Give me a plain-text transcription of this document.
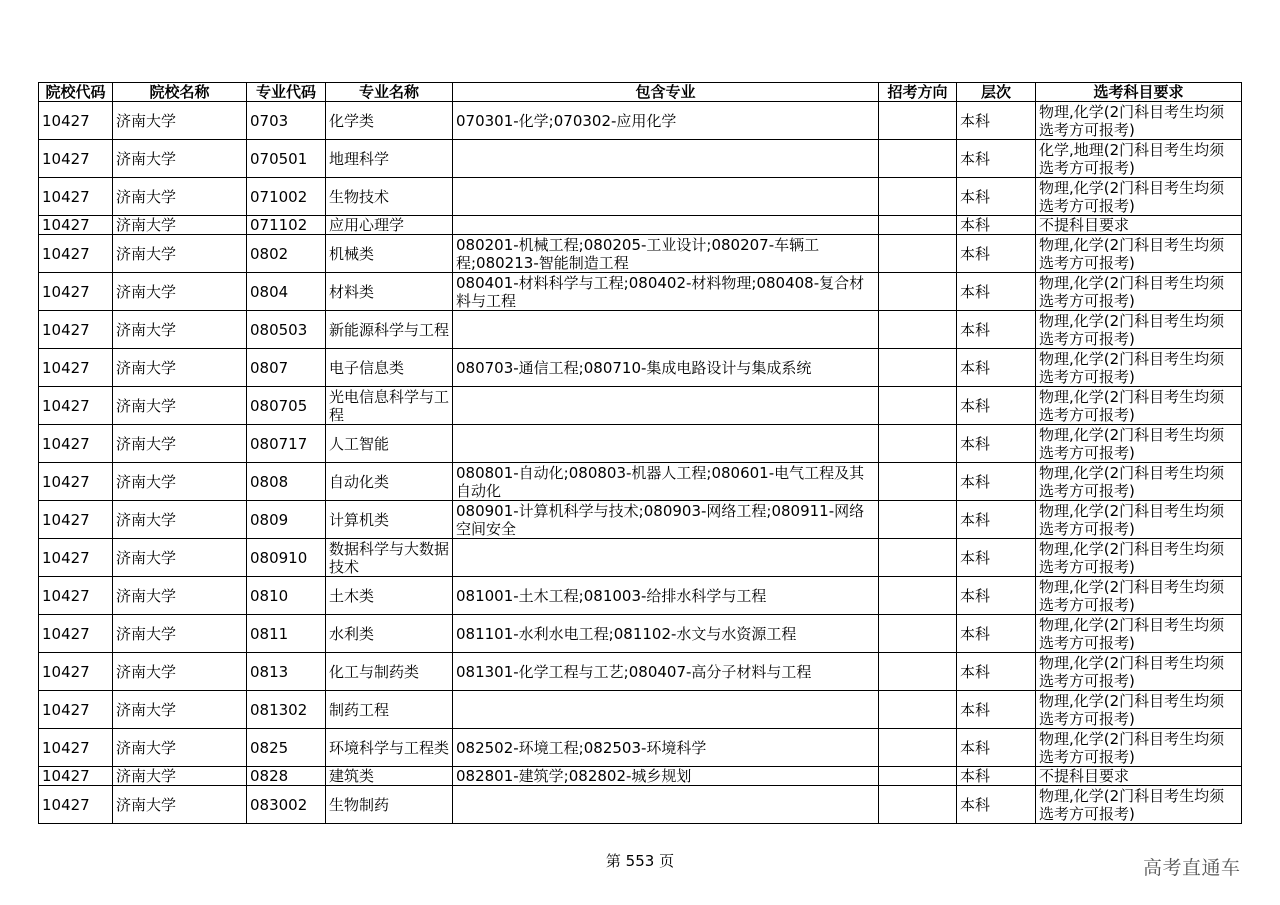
院校代码	院校名称	专业代码	专业名称	包含专业	招考方向	层次	选考科目要求
10427	济南大学	0703	化学类	070301-化学;070302-应用化学		本科	物理,化学(2门科目考生均须选考方可报考)
10427	济南大学	070501	地理科学			本科	化学,地理(2门科目考生均须选考方可报考)
10427	济南大学	071002	生物技术			本科	物理,化学(2门科目考生均须选考方可报考)
10427	济南大学	071102	应用心理学			本科	不提科目要求
10427	济南大学	0802	机械类	080201-机械工程;080205-工业设计;080207-车辆工程;080213-智能制造工程		本科	物理,化学(2门科目考生均须选考方可报考)
10427	济南大学	0804	材料类	080401-材料科学与工程;080402-材料物理;080408-复合材料与工程		本科	物理,化学(2门科目考生均须选考方可报考)
10427	济南大学	080503	新能源科学与工程			本科	物理,化学(2门科目考生均须选考方可报考)
10427	济南大学	0807	电子信息类	080703-通信工程;080710-集成电路设计与集成系统		本科	物理,化学(2门科目考生均须选考方可报考)
10427	济南大学	080705	光电信息科学与工程			本科	物理,化学(2门科目考生均须选考方可报考)
10427	济南大学	080717	人工智能			本科	物理,化学(2门科目考生均须选考方可报考)
10427	济南大学	0808	自动化类	080801-自动化;080803-机器人工程;080601-电气工程及其自动化		本科	物理,化学(2门科目考生均须选考方可报考)
10427	济南大学	0809	计算机类	080901-计算机科学与技术;080903-网络工程;080911-网络空间安全		本科	物理,化学(2门科目考生均须选考方可报考)
10427	济南大学	080910	数据科学与大数据技术			本科	物理,化学(2门科目考生均须选考方可报考)
10427	济南大学	0810	土木类	081001-土木工程;081003-给排水科学与工程		本科	物理,化学(2门科目考生均须选考方可报考)
10427	济南大学	0811	水利类	081101-水利水电工程;081102-水文与水资源工程		本科	物理,化学(2门科目考生均须选考方可报考)
10427	济南大学	0813	化工与制药类	081301-化学工程与工艺;080407-高分子材料与工程		本科	物理,化学(2门科目考生均须选考方可报考)
10427	济南大学	081302	制药工程			本科	物理,化学(2门科目考生均须选考方可报考)
10427	济南大学	0825	环境科学与工程类	082502-环境工程;082503-环境科学		本科	物理,化学(2门科目考生均须选考方可报考)
10427	济南大学	0828	建筑类	082801-建筑学;082802-城乡规划		本科	不提科目要求
10427	济南大学	083002	生物制药			本科	物理,化学(2门科目考生均须选考方可报考)
第 553 页	高考直通车
